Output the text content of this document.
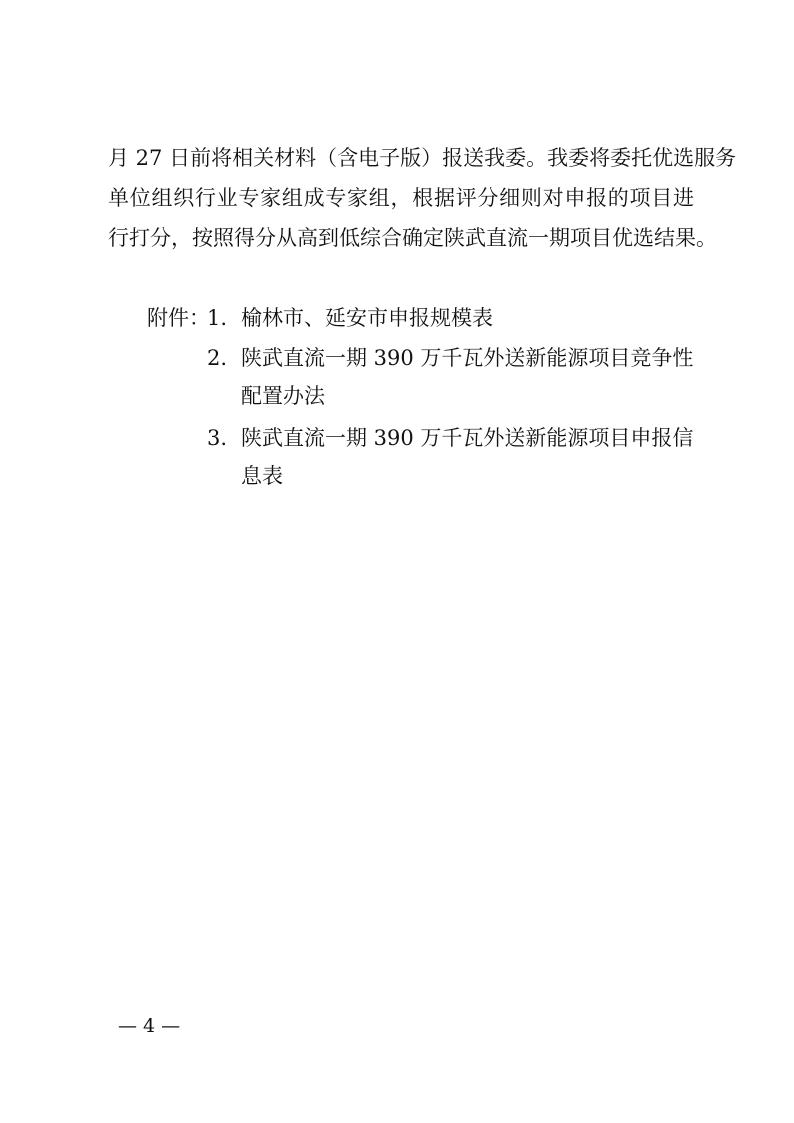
月 27 日前将相关材料（含电子版）报送我委。我委将委托优选服务
单位组织行业专家组成专家组，根据评分细则对申报的项目进
行打分，按照得分从高到低综合确定陕武直流一期项目优选结果。
附件：
1. 榆林市、延安市申报规模表
2. 陕武直流一期 390 万千瓦外送新能源项目竞争性
配置办法
3. 陕武直流一期 390 万千瓦外送新能源项目申报信
息表
— 4 —
